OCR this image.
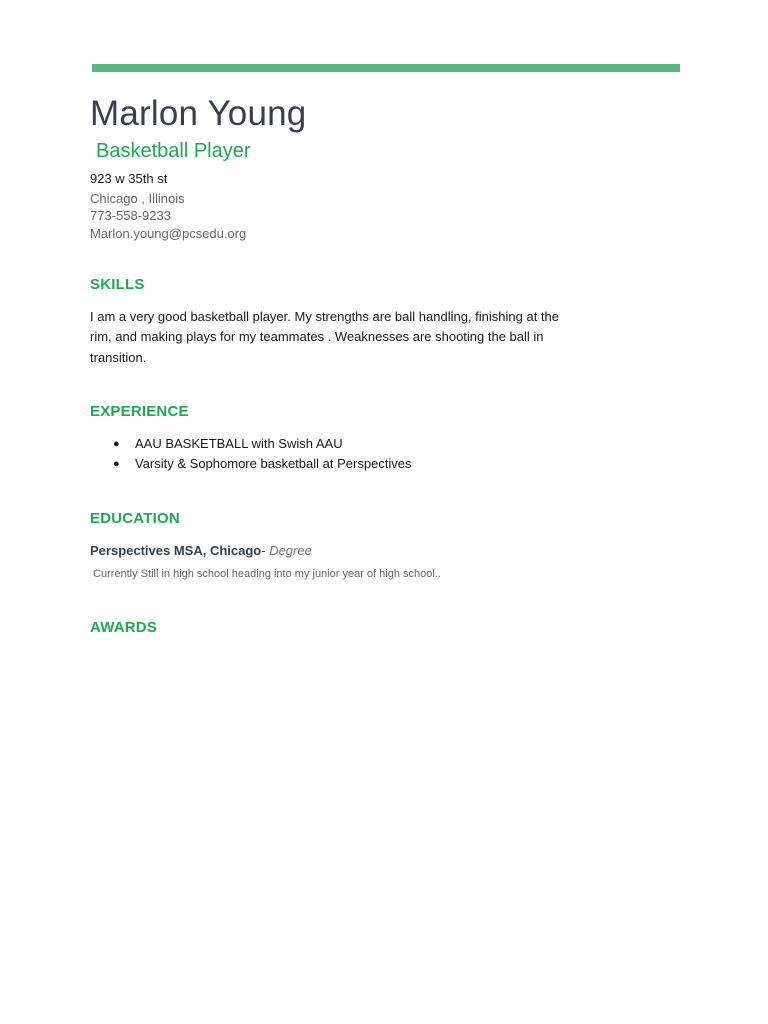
Marlon Young
Basketball Player
923 w 35th st
Chicago , Illinois
773-558-9233
Marlon.young@pcsedu.org
SKILLS
I am a very good basketball player. My strengths are ball handling, finishing at the rim, and making plays for my teammates . Weaknesses are shooting the ball in transition.
EXPERIENCE
● AAU BASKETBALL with Swish AAU
● Varsity & Sophomore basketball at Perspectives
EDUCATION
Perspectives MSA, Chicago- Degree
Currently Still in high school heading into my junior year of high school..
AWARDS
